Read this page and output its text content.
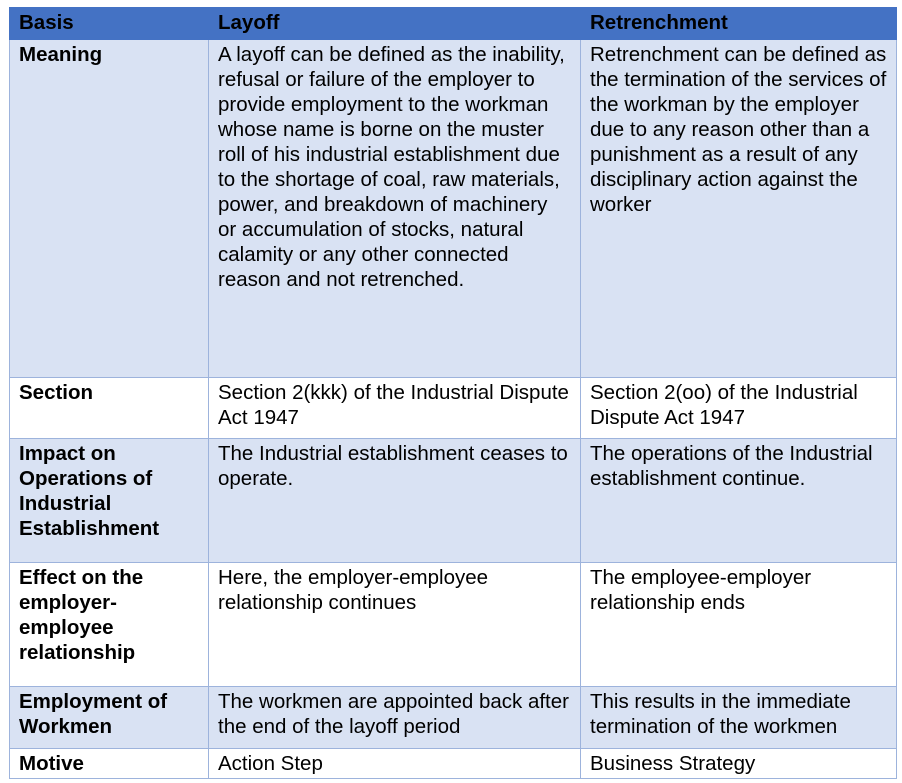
Basis	Layoff	Retrenchment
Meaning	A layoff can be defined as the inability, refusal or failure of the employer to provide employment to the workman whose name is borne on the muster roll of his industrial establishment due to the shortage of coal, raw materials, power, and breakdown of machinery or accumulation of stocks, natural calamity or any other connected reason and not retrenched.	Retrenchment can be defined as the termination of the services of the workman by the employer due to any reason other than a punishment as a result of any disciplinary action against the worker
Section	Section 2(kkk) of the Industrial Dispute Act 1947	Section 2(oo) of the Industrial Dispute Act 1947
Impact on Operations of Industrial Establishment	The Industrial establishment ceases to operate.	The operations of the Industrial establishment continue.
Effect on the employer-employee relationship	Here, the employer-employee relationship continues	The employee-employer relationship ends
Employment of Workmen	The workmen are appointed back after the end of the layoff period	This results in the immediate termination of the workmen
Motive	Action Step	Business Strategy
